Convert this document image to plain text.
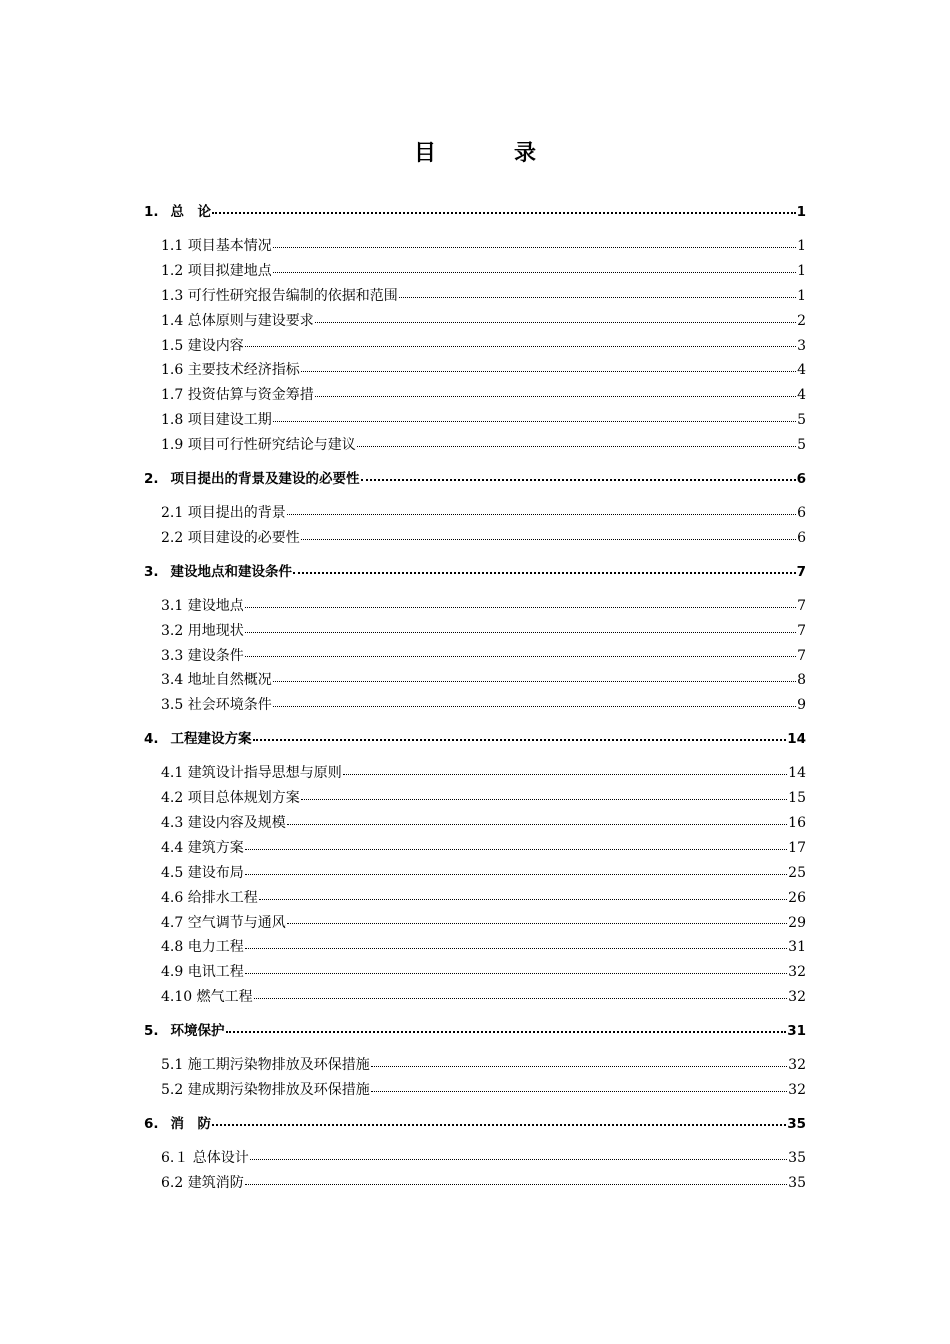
目	录
1. 总　论	1
1.1 项目基本情况	1
1.2 项目拟建地点	1
1.3 可行性研究报告编制的依据和范围	1
1.4 总体原则与建设要求	2
1.5 建设内容	3
1.6 主要技术经济指标	4
1.7 投资估算与资金筹措	4
1.8 项目建设工期	5
1.9 项目可行性研究结论与建议	5
2. 项目提出的背景及建设的必要性	6
2.1 项目提出的背景	6
2.2 项目建设的必要性	6
3. 建设地点和建设条件	7
3.1 建设地点	7
3.2 用地现状	7
3.3 建设条件	7
3.4 地址自然概况	8
3.5 社会环境条件	9
4. 工程建设方案	14
4.1 建筑设计指导思想与原则	14
4.2 项目总体规划方案	15
4.3 建设内容及规模	16
4.4 建筑方案	17
4.5 建设布局	25
4.6 给排水工程	26
4.7 空气调节与通风	29
4.8 电力工程	31
4.9 电讯工程	32
4.10 燃气工程	32
5. 环境保护	31
5.1 施工期污染物排放及环保措施	32
5.2 建成期污染物排放及环保措施	32
6. 消　防	35
6.１ 总体设计	35
6.2 建筑消防	35
